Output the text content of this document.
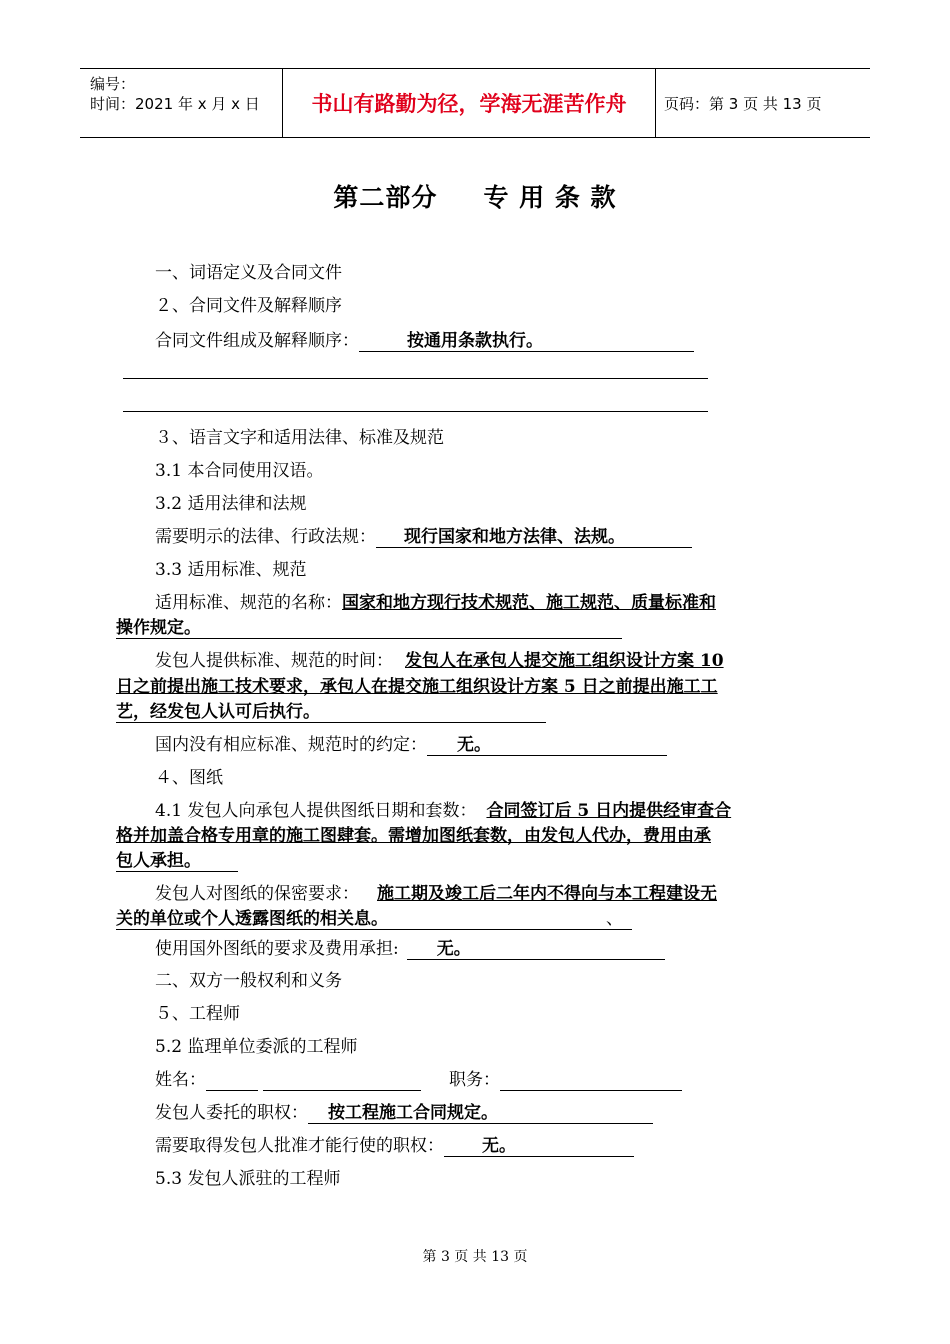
编号：
时间：2021 年 x 月 x 日 书山有路勤为径，学海无涯苦作舟	页码：第 3 页 共 13 页
第二部分 专 用 条 款
一、词语定义及合同文件
２、合同文件及解释顺序
合同文件组成及解释顺序：	按通用条款执行。
３、语言文字和适用法律、标准及规范
3.1 本合同使用汉语。
3.2 适用法律和法规
需要明示的法律、行政法规： 现行国家和地方法律、法规。
3.3 适用标准、规范
适用标准、规范的名称：国家和地方现行技术规范、施工规范、质量标准和
操作规定。
发包人提供标准、规范的时间： 发包人在承包人提交施工组织设计方案 10
日之前提出施工技术要求，承包人在提交施工组织设计方案 5 日之前提出施工工
艺，经发包人认可后执行。
国内没有相应标准、规范时的约定： 无。
４、图纸
4.1 发包人向承包人提供图纸日期和套数： 合同签订后 5 日内提供经审查合
格并加盖合格专用章的施工图肆套。需增加图纸套数，由发包人代办，费用由承
包人承担。
发包人对图纸的保密要求： 施工期及竣工后二年内不得向与本工程建设无
关的单位或个人透露图纸的相关息。	、
使用国外图纸的要求及费用承担: 无。
二、双方一般权利和义务
５、工程师
5.2 监理单位委派的工程师
姓名：	职务：
发包人委托的职权： 按工程施工合同规定。
需要取得发包人批准才能行使的职权： 无。
5.3 发包人派驻的工程师
第 3 页 共 13 页
